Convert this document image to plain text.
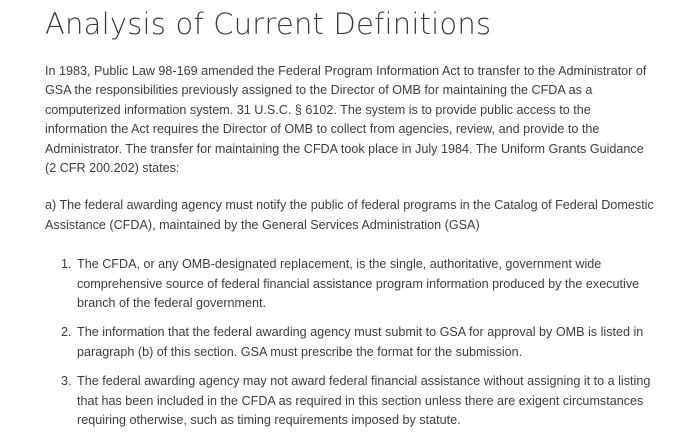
Analysis of Current Definitions

In 1983, Public Law 98-169 amended the Federal Program Information Act to transfer to the Administrator of GSA the responsibilities previously assigned to the Director of OMB for maintaining the CFDA as a computerized information system. 31 U.S.C. § 6102. The system is to provide public access to the information the Act requires the Director of OMB to collect from agencies, review, and provide to the Administrator. The transfer for maintaining the CFDA took place in July 1984. The Uniform Grants Guidance (2 CFR 200.202) states:

a) The federal awarding agency must notify the public of federal programs in the Catalog of Federal Domestic Assistance (CFDA), maintained by the General Services Administration (GSA)

1. The CFDA, or any OMB-designated replacement, is the single, authoritative, government wide comprehensive source of federal financial assistance program information produced by the executive branch of the federal government.
2. The information that the federal awarding agency must submit to GSA for approval by OMB is listed in paragraph (b) of this section. GSA must prescribe the format for the submission.
3. The federal awarding agency may not award federal financial assistance without assigning it to a listing that has been included in the CFDA as required in this section unless there are exigent circumstances requiring otherwise, such as timing requirements imposed by statute.
